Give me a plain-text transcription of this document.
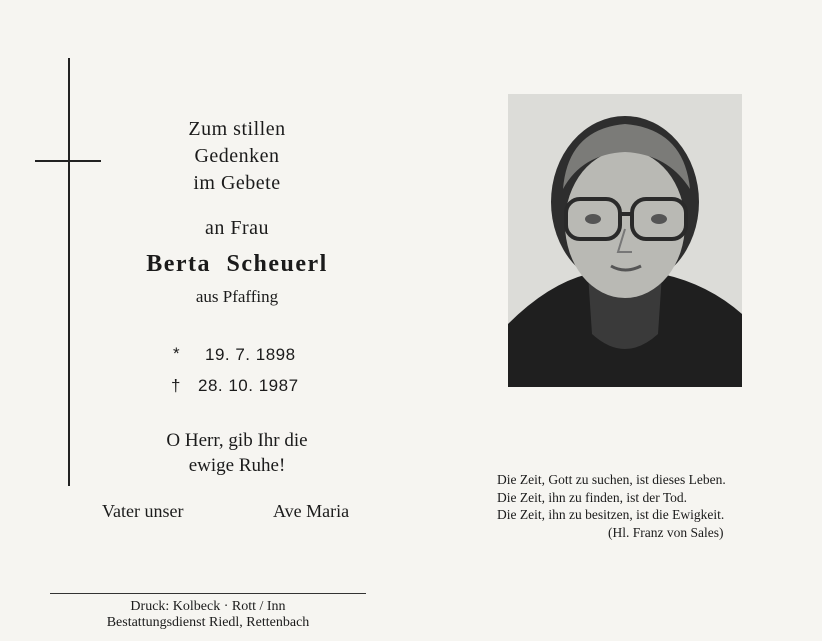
Zum stillen
Gedenken
im Gebete
an Frau
Berta Scheuerl
aus Pfaffing
* 19. 7. 1898
† 28. 10. 1987
O Herr, gib Ihr die
ewige Ruhe!
Vater unser	Ave Maria
Druck: Kolbeck · Rott / Inn
Bestattungsdienst Riedl, Rettenbach
Die Zeit, Gott zu suchen, ist dieses Leben.
Die Zeit, ihn zu finden, ist der Tod.
Die Zeit, ihn zu besitzen, ist die Ewigkeit.
(Hl. Franz von Sales)
